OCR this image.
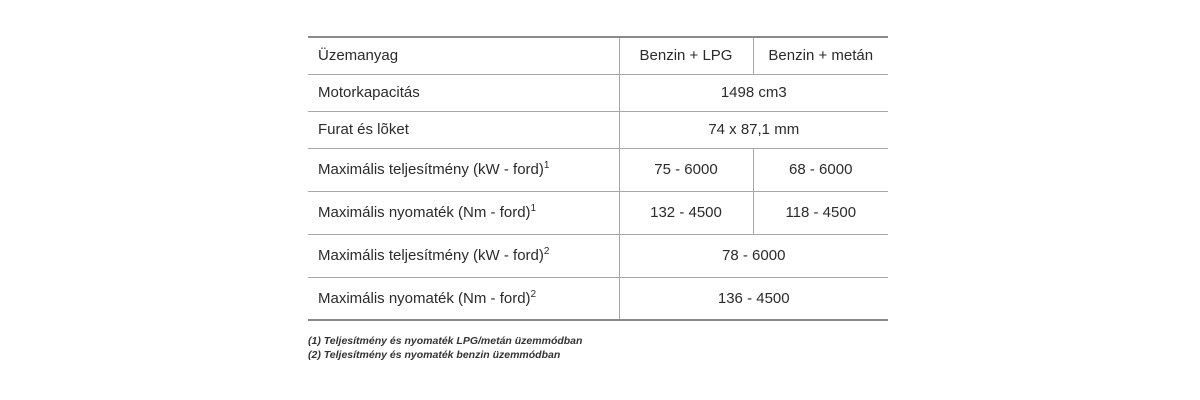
Üzemanyag	Benzin + LPG	Benzin + metán
Motorkapacitás	1498 cm3	
Furat és lõket	74 x 87,1 mm	
Maximális teljesítmény (kW - ford)$^1$	75 - 6000	68 - 6000
Maximális nyomaték (Nm - ford)$^1$	132 - 4500	118 - 4500
Maximális teljesítmény (kW - ford)$^2$	78 - 6000	
Maximális nyomaték (Nm - ford)$^2$	136 - 4500	
(1) Teljesítmény és nyomaték LPG/metán üzemmódban
(2) Teljesítmény és nyomaték benzin üzemmódban
